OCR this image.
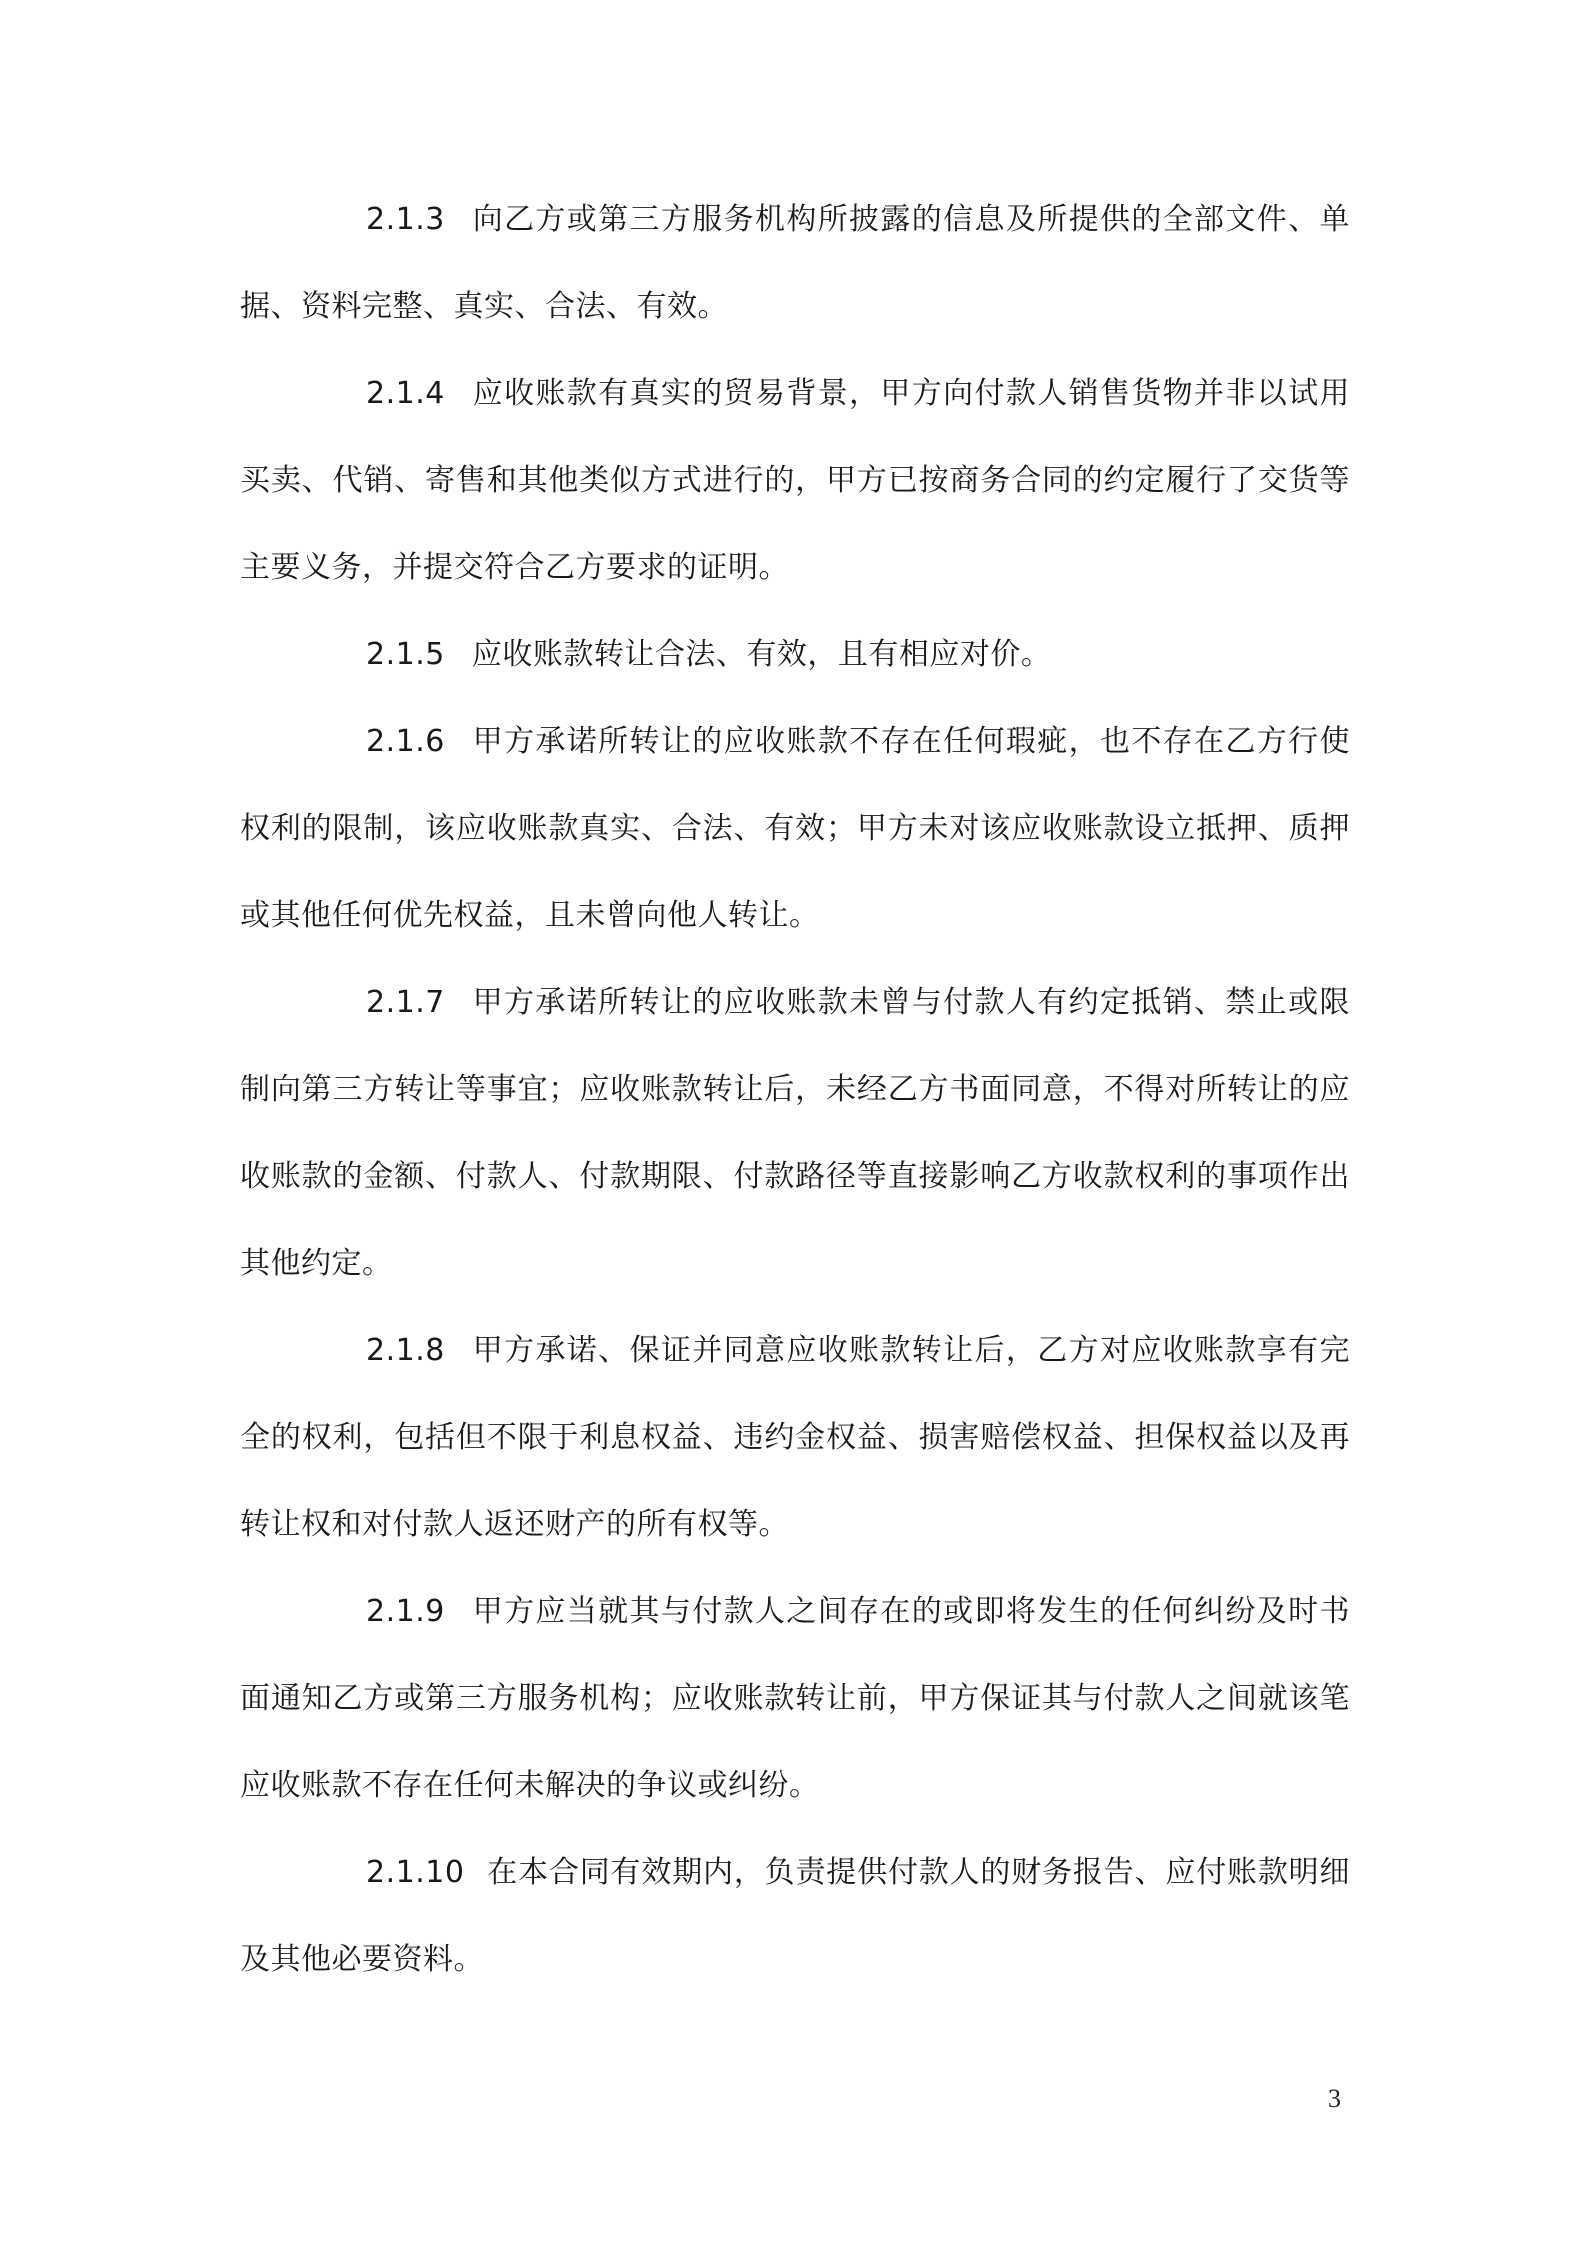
2.1.3 向乙方或第三方服务机构所披露的信息及所提供的全部文件、单据、资料完整、真实、合法、有效。

2.1.4 应收账款有真实的贸易背景，甲方向付款人销售货物并非以试用买卖、代销、寄售和其他类似方式进行的，甲方已按商务合同的约定履行了交货等主要义务，并提交符合乙方要求的证明。

2.1.5 应收账款转让合法、有效，且有相应对价。

2.1.6 甲方承诺所转让的应收账款不存在任何瑕疵，也不存在乙方行使权利的限制，该应收账款真实、合法、有效；甲方未对该应收账款设立抵押、质押或其他任何优先权益，且未曾向他人转让。

2.1.7 甲方承诺所转让的应收账款未曾与付款人有约定抵销、禁止或限制向第三方转让等事宜；应收账款转让后，未经乙方书面同意，不得对所转让的应收账款的金额、付款人、付款期限、付款路径等直接影响乙方收款权利的事项作出其他约定。

2.1.8 甲方承诺、保证并同意应收账款转让后，乙方对应收账款享有完全的权利，包括但不限于利息权益、违约金权益、损害赔偿权益、担保权益以及再转让权和对付款人返还财产的所有权等。

2.1.9 甲方应当就其与付款人之间存在的或即将发生的任何纠纷及时书面通知乙方或第三方服务机构；应收账款转让前，甲方保证其与付款人之间就该笔应收账款不存在任何未解决的争议或纠纷。

2.1.10 在本合同有效期内，负责提供付款人的财务报告、应付账款明细及其他必要资料。

3
